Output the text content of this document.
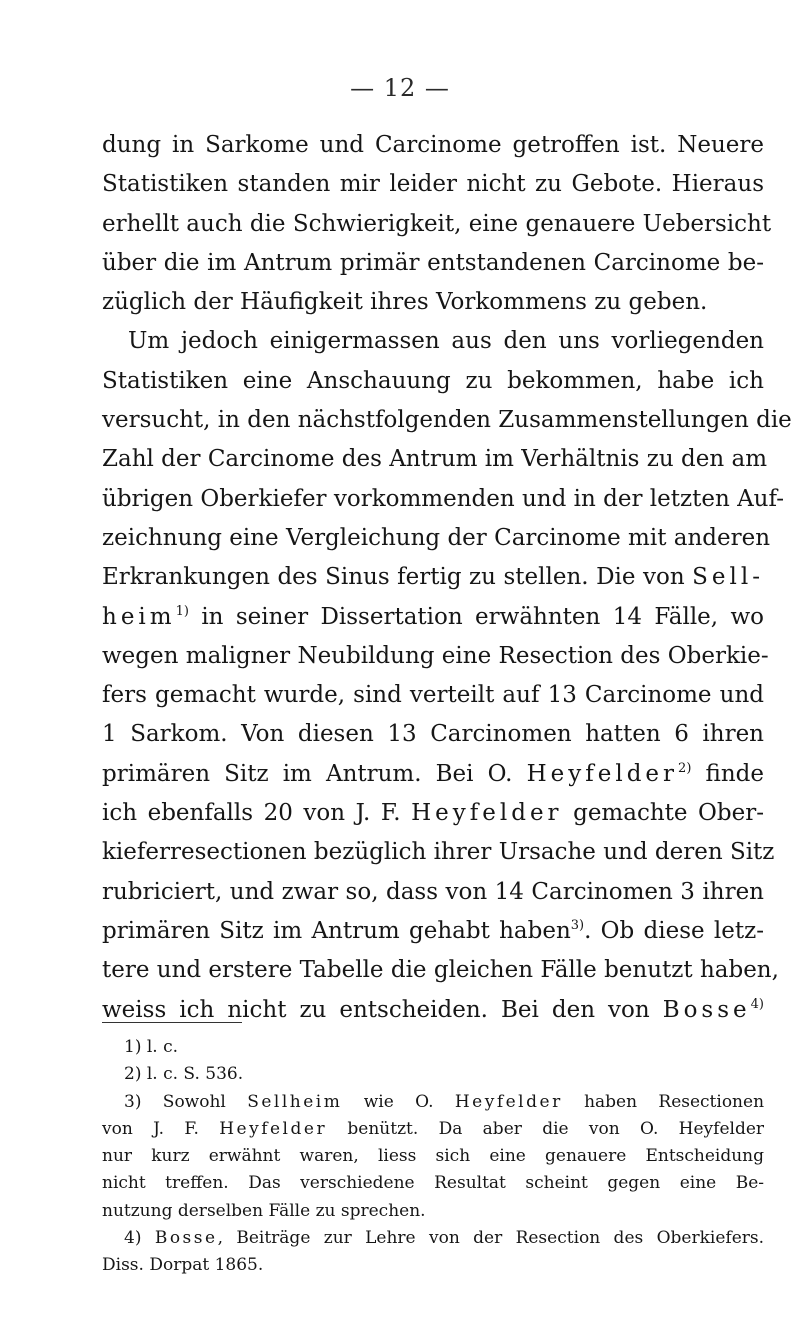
— 12 —
dung in Sarkome und Carcinome getroffen ist. Neuere
Statistiken standen mir leider nicht zu Gebote. Hieraus
erhellt auch die Schwierigkeit, eine genauere Uebersicht
über die im Antrum primär entstandenen Carcinome be-
züglich der Häufigkeit ihres Vorkommens zu geben.
Um jedoch einigermassen aus den uns vorliegenden
Statistiken eine Anschauung zu bekommen, habe ich
versucht, in den nächstfolgenden Zusammenstellungen die
Zahl der Carcinome des Antrum im Verhältnis zu den am
übrigen Oberkiefer vorkommenden und in der letzten Auf-
zeichnung eine Vergleichung der Carcinome mit anderen
Erkrankungen des Sinus fertig zu stellen. Die von Sell-
heim$^{1)}$ in seiner Dissertation erwähnten 14 Fälle, wo
wegen maligner Neubildung eine Resection des Oberkie-
fers gemacht wurde, sind verteilt auf 13 Carcinome und
1 Sarkom. Von diesen 13 Carcinomen hatten 6 ihren
primären Sitz im Antrum. Bei O. Heyfelder$^{2)}$ finde
ich ebenfalls 20 von J. F. Heyfelder gemachte Ober-
kieferresectionen bezüglich ihrer Ursache und deren Sitz
rubriciert, und zwar so, dass von 14 Carcinomen 3 ihren
primären Sitz im Antrum gehabt haben$^{3)}$. Ob diese letz-
tere und erstere Tabelle die gleichen Fälle benutzt haben,
weiss ich nicht zu entscheiden. Bei den von Bosse$^{4)}$
1) l. c.
2) l. c. S. 536.
3) Sowohl Sellheim wie O. Heyfelder haben Resectionen
von J. F. Heyfelder benützt. Da aber die von O. Heyfelder
nur kurz erwähnt waren, liess sich eine genauere Entscheidung
nicht treffen. Das verschiedene Resultat scheint gegen eine Be-
nutzung derselben Fälle zu sprechen.
4) Bosse, Beiträge zur Lehre von der Resection des Oberkiefers.
Diss. Dorpat 1865.
